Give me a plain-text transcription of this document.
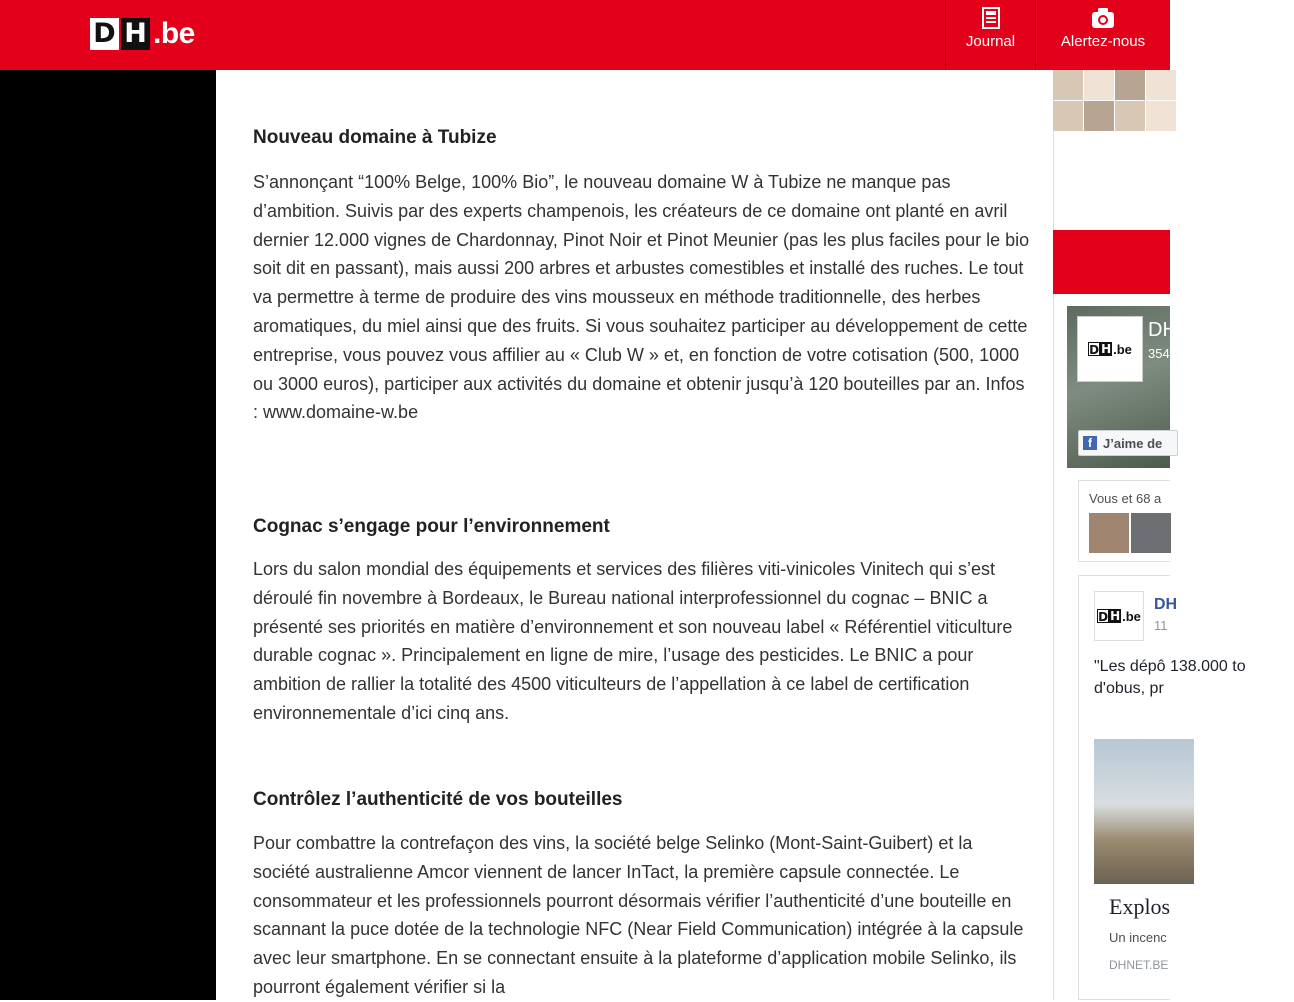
D H .be	Journal	Alertez-nous
Nouveau domaine à Tubize

S’annonçant “100% Belge, 100% Bio”, le nouveau domaine W à Tubize ne manque pas d’ambition. Suivis par des experts champenois, les créateurs de ce domaine ont planté en avril dernier 12.000 vignes de Chardonnay, Pinot Noir et Pinot Meunier (pas les plus faciles pour le bio soit dit en passant), mais aussi 200 arbres et arbustes comestibles et installé des ruches. Le tout va permettre à terme de produire des vins mousseux en méthode traditionnelle, des herbes aromatiques, du miel ainsi que des fruits. Si vous souhaitez participer au développement de cette entreprise, vous pouvez vous affilier au « Club W » et, en fonction de votre cotisation (500, 1000 ou 3000 euros), participer aux activités du domaine et obtenir jusqu’à 120 bouteilles par an. Infos : www.domaine-w.be

Cognac s’engage pour l’environnement

Lors du salon mondial des équipements et services des filières viti-vinicoles Vinitech qui s’est déroulé fin novembre à Bordeaux, le Bureau national interprofessionnel du cognac – BNIC a présenté ses priorités en matière d’environnement et son nouveau label « Référentiel viticulture durable cognac ». Principalement en ligne de mire, l’usage des pesticides. Le BNIC a pour ambition de rallier la totalité des 4500 viticulteurs de l’appellation à ce label de certification environnementale d’ici cinq ans.

Contrôlez l’authenticité de vos bouteilles

Pour combattre la contrefaçon des vins, la société belge Selinko (Mont-Saint-Guibert) et la société australienne Amcor viennent de lancer InTact, la première capsule connectée. Le consommateur et les professionnels pourront désormais vérifier l’authenticité d’une bouteille en scannant la puce dotée de la technologie NFC (Near Field Communication) intégrée à la capsule avec leur smartphone. En se connectant ensuite à la plateforme d’application mobile Selinko, ils pourront également vérifier si la

D H .be
DH
354
f J’aime de
Vous et 68 a
D H .be
DH
11
"Les dépô 138.000 to d'obus, pr
Explos
Un incenc
DHNET.BE
